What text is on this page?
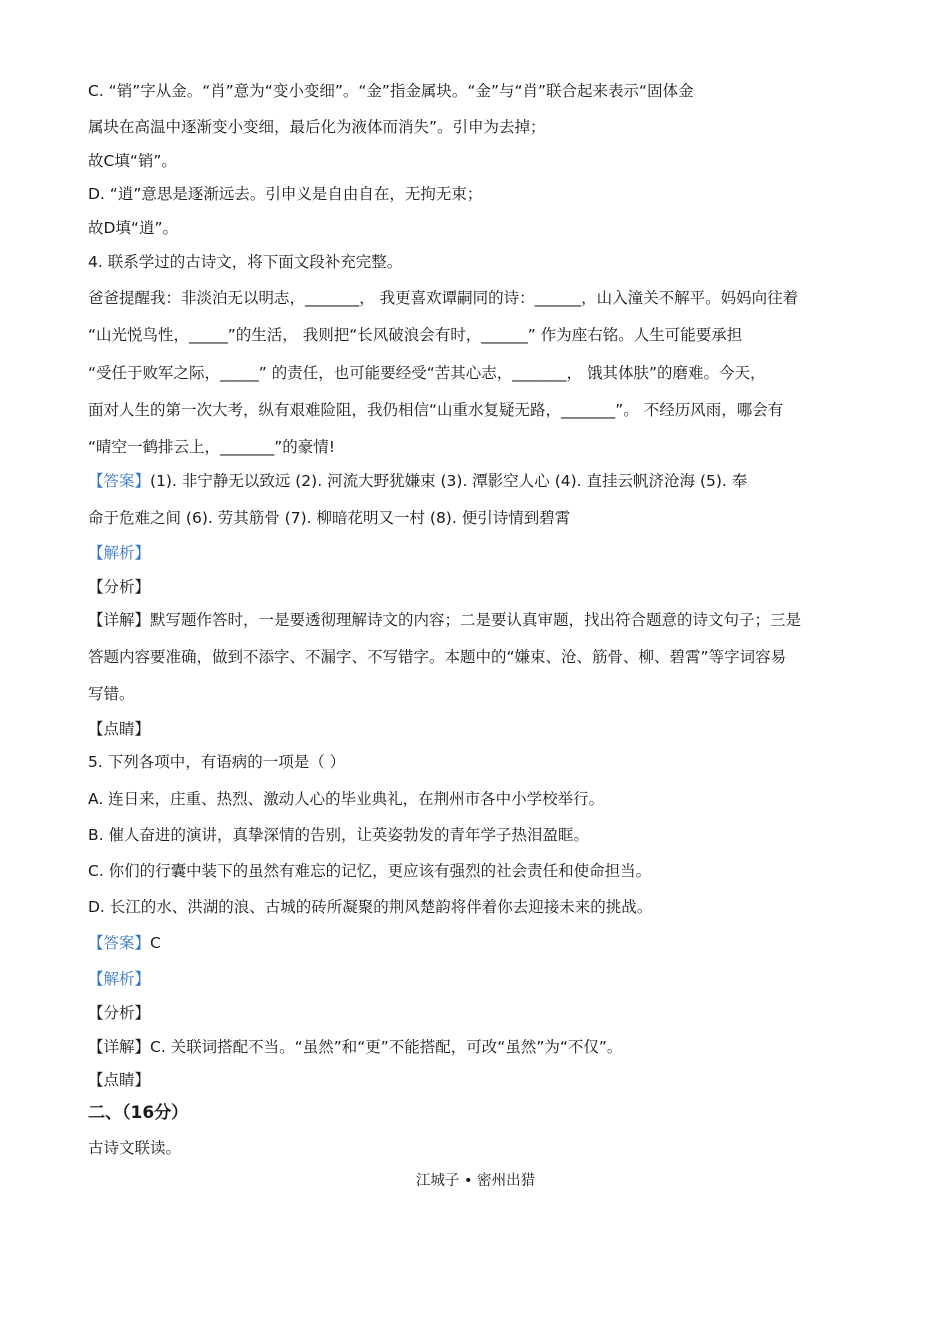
C. “销”字从金。“肖”意为“变小变细”。“金”指金属块。“金”与“肖”联合起来表示“固体金

属块在高温中逐渐变小变细，最后化为液体而消失”。引申为去掉；

故C填“销”。

D. “逍”意思是逐渐远去。引申义是自由自在，无拘无束；

故D填“逍”。

4. 联系学过的古诗文，将下面文段补充完整。

爸爸提醒我：非淡泊无以明志，_______， 我更喜欢谭嗣同的诗：______，山入潼关不解平。妈妈向往着

“山光悦鸟性，_____”的生活， 我则把“长风破浪会有时，______” 作为座右铭。人生可能要承担

“受任于败军之际，_____” 的责任，也可能要经受“苦其心志，_______， 饿其体肤”的磨难。今天，

面对人生的第一次大考，纵有艰难险阻，我仍相信“山重水复疑无路，_______”。 不经历风雨，哪会有

“晴空一鹤排云上，_______”的豪情!

【答案】(1). 非宁静无以致远 (2). 河流大野犹嫌束 (3). 潭影空人心 (4). 直挂云帆济沧海 (5). 奉

命于危难之间 (6). 劳其筋骨 (7). 柳暗花明又一村 (8). 便引诗情到碧霄

【解析】

【分析】

【详解】默写题作答时，一是要透彻理解诗文的内容；二是要认真审题，找出符合题意的诗文句子；三是

答题内容要准确，做到不添字、不漏字、不写错字。本题中的“嫌束、沧、筋骨、柳、碧霄”等字词容易

写错。

【点睛】

5. 下列各项中，有语病的一项是（ ）

A. 连日来，庄重、热烈、激动人心的毕业典礼，在荆州市各中小学校举行。

B. 催人奋进的演讲，真挚深情的告别，让英姿勃发的青年学子热泪盈眶。

C. 你们的行囊中装下的虽然有难忘的记忆，更应该有强烈的社会责任和使命担当。

D. 长江的水、洪湖的浪、古城的砖所凝聚的荆风楚韵将伴着你去迎接未来的挑战。

【答案】C

【解析】

【分析】

【详解】C. 关联词搭配不当。“虽然”和“更”不能搭配，可改“虽然”为“不仅”。

【点睛】

二、（16分）

古诗文联读。

江城子 • 密州出猎
